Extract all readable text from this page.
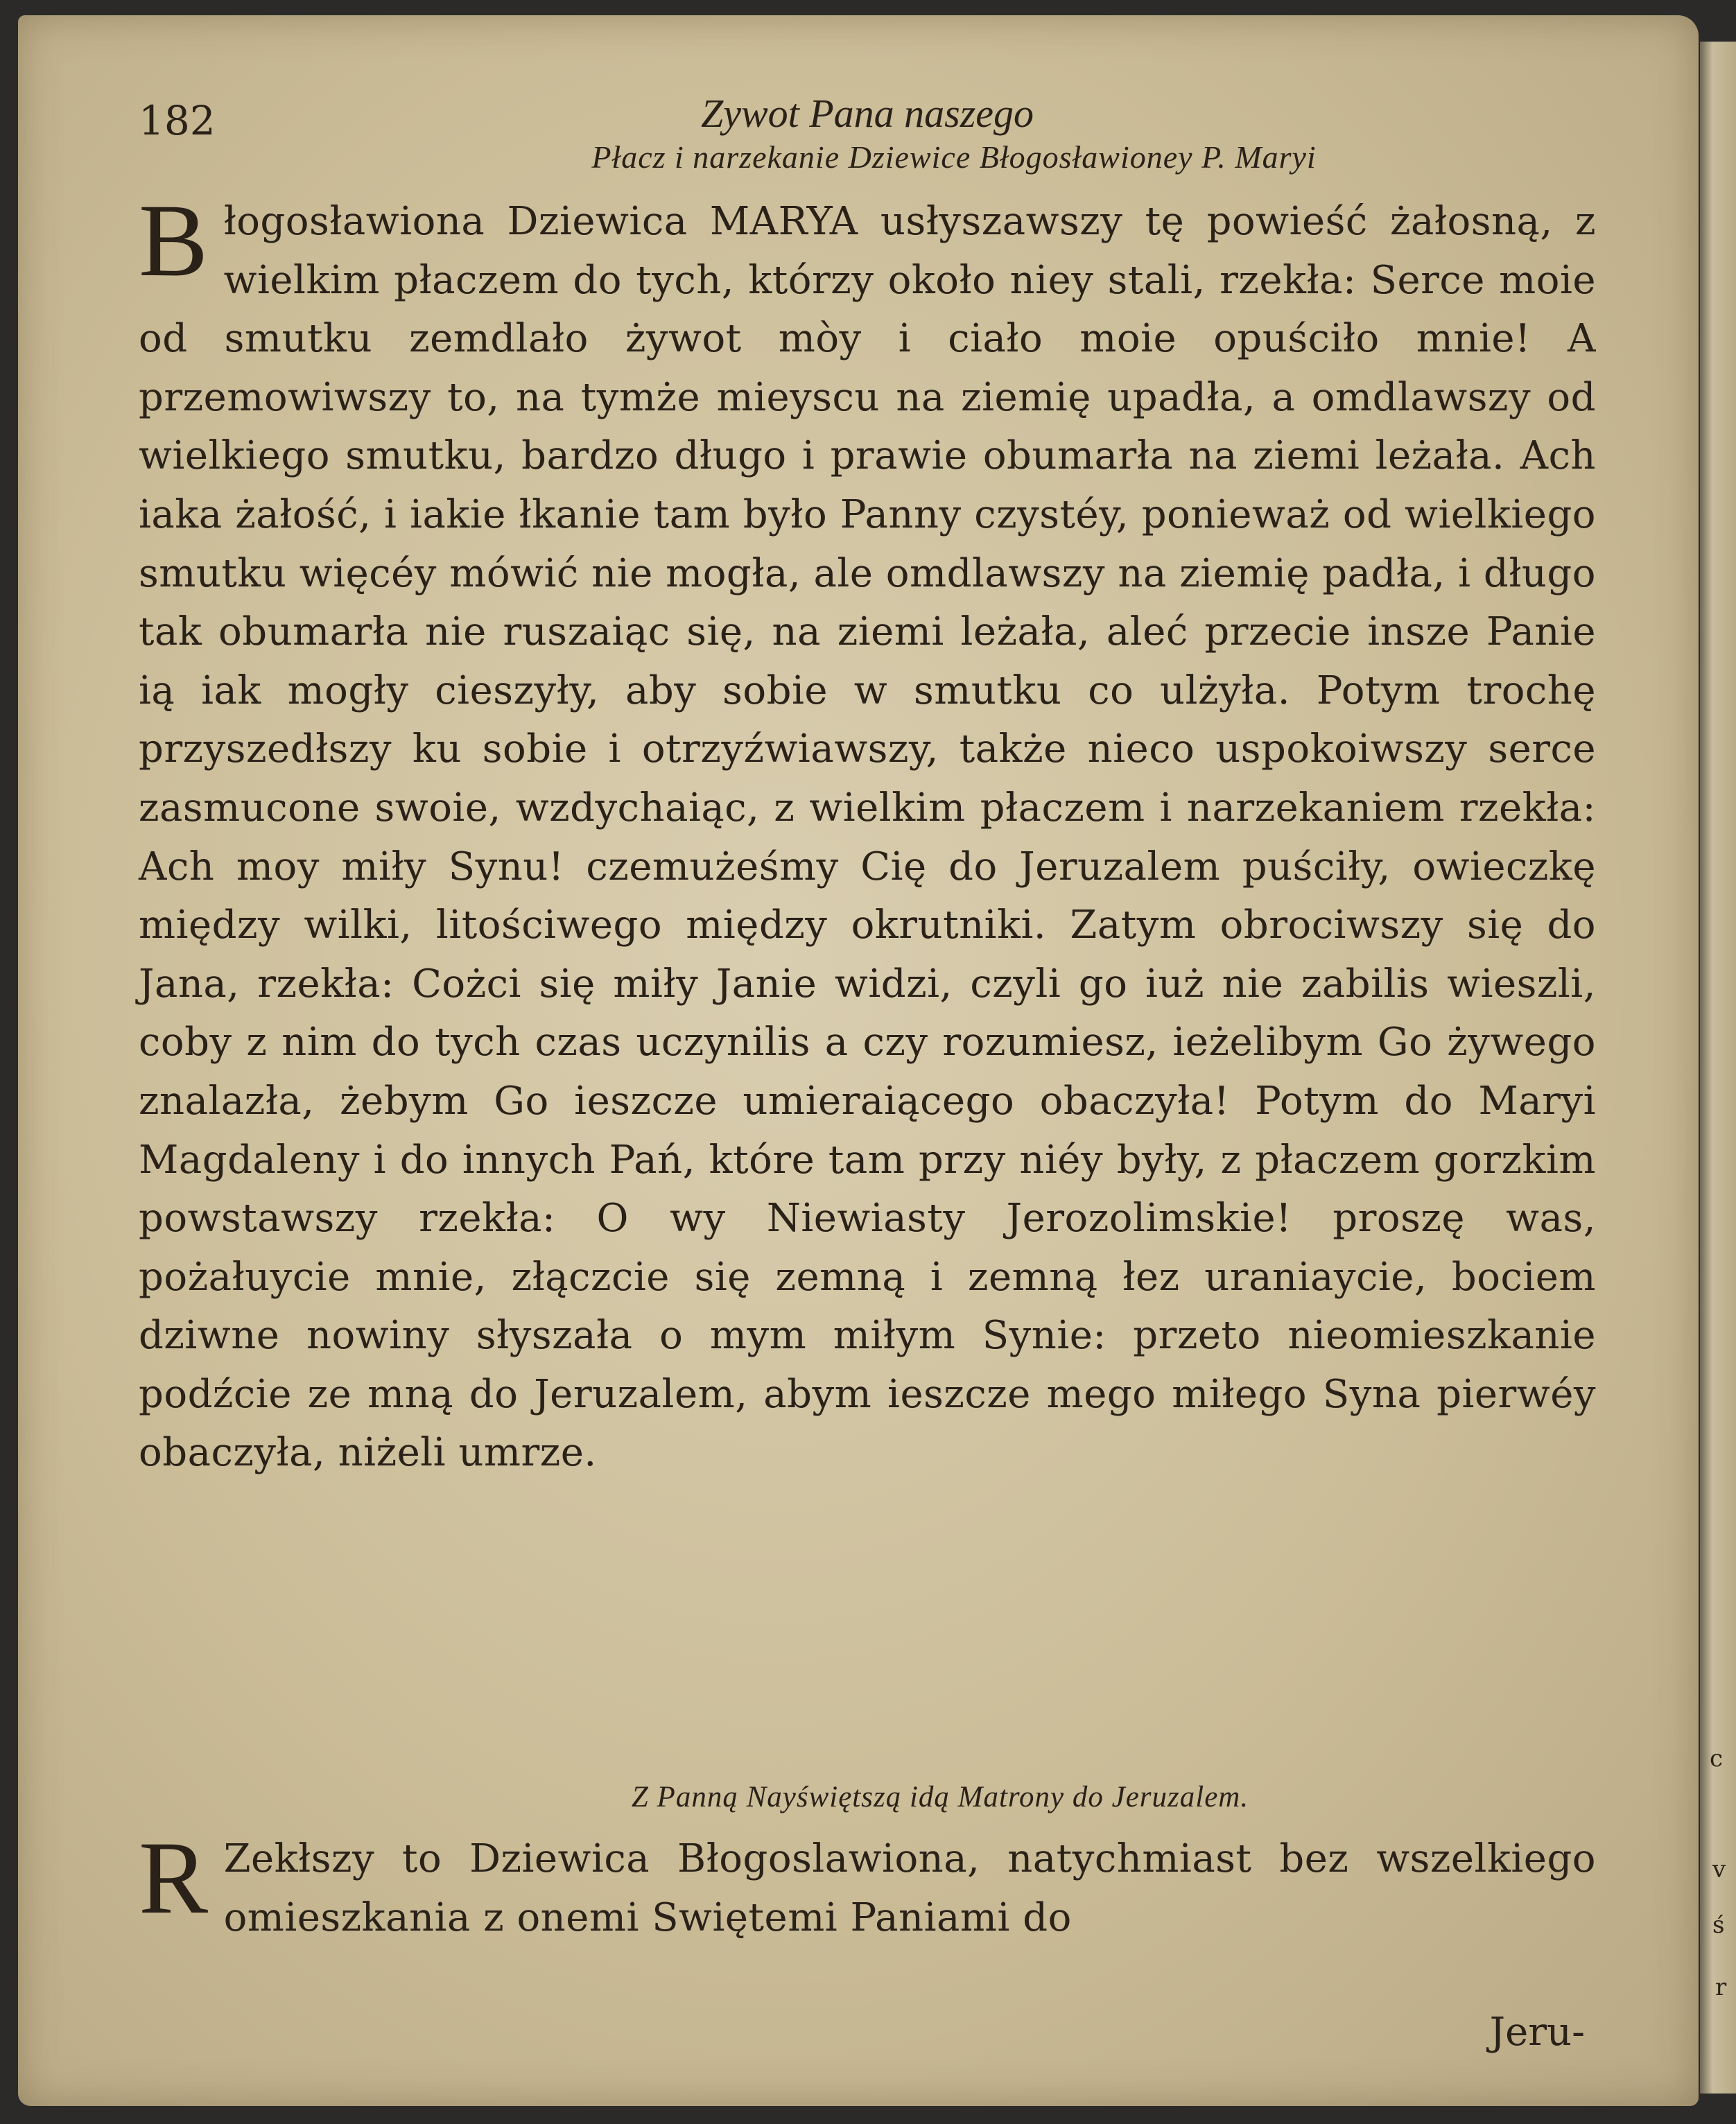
182	Zywot Pana naszego
Płacz i narzekanie Dziewice Błogosławioney P. Maryi

Błogosławiona Dziewica MARYA usłyszawszy tę powieść żałosną, z wielkim płaczem do tych, którzy około niey stali, rzekła: Serce moie od smutku zemdlało żywot mòy i ciało moie opuściło mnie! A przemowiwszy to, na tymże mieyscu na ziemię upadła, a omdlawszy od wielkiego smutku, bardzo długo i prawie obumarła na ziemi leżała. Ach iaka żałość, i iakie łkanie tam było Panny czystéy, ponieważ od wielkiego smutku więcéy mówić nie mogła, ale omdlawszy na ziemię padła, i długo tak obumarła nie ruszaiąc się, na ziemi leżała, aleć przecie insze Panie ią iak mogły cieszyły, aby sobie w smutku co ulżyła. Potym trochę przyszedłszy ku sobie i otrzyźwiawszy, także nieco uspokoiwszy serce zasmucone swoie, wzdychaiąc, z wielkim płaczem i narzekaniem rzekła: Ach moy miły Synu! czemużeśmy Cię do Jeruzalem puściły, owieczkę między wilki, litościwego między okrutniki. Zatym obrociwszy się do Jana, rzekła: Cożci się miły Janie widzi, czyli go iuż nie zabilis wieszli, coby z nim do tych czas uczynilis a czy rozumiesz, ieżelibym Go żywego znalazła, żebym Go ieszcze umieraiącego obaczyła! Potym do Maryi Magdaleny i do innych Pań, które tam przy niéy były, z płaczem gorzkim powstawszy rzekła: O wy Niewiasty Jerozolimskie! proszę was, pożałuycie mnie, złączcie się zemną i zemną łez uraniaycie, bociem dziwne nowiny słyszała o mym miłym Synie: przeto nieomieszkanie podźcie ze mną do Jeruzalem, abym ieszcze mego miłego Syna pierwéy obaczyła, niżeli umrze.

Z Panną Nayświętszą idą Matrony do Jeruzalem.

R Zekłszy to Dziewica Błogoslawiona, natychmiast bez wszelkiego omieszkania z onemi Swiętemi Paniami do

Jeru-
c
v
ś
r
